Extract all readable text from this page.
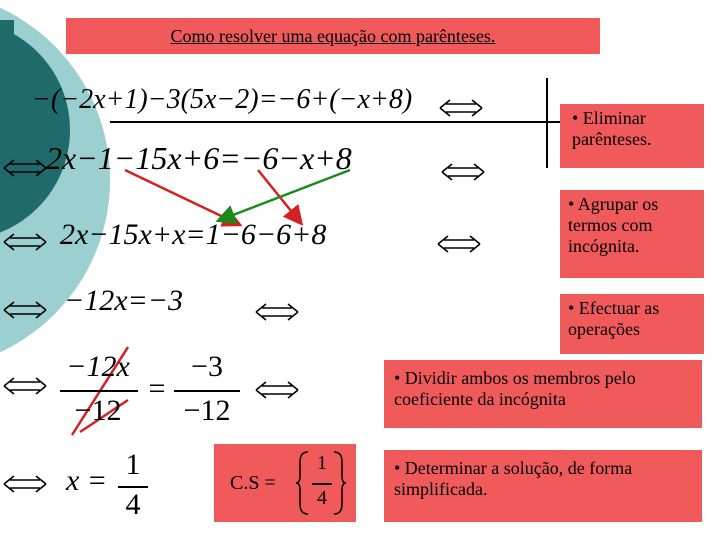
Como resolver uma equação com parênteses.
−(−2x+1)−3(5x−2)=−6+(−x+8)
2x−1−15x+6=−6−x+8
2x−15x+x=1−6−6+8
−12x=−3
−12x
−12
=
−3
−12
x = 1
4
C.S =
1
4
• Eliminar parênteses.
• Agrupar os termos com incógnita.
• Efectuar as operações
• Dividir ambos os membros pelo coeficiente da incógnita
• Determinar a solução, de forma simplificada.
